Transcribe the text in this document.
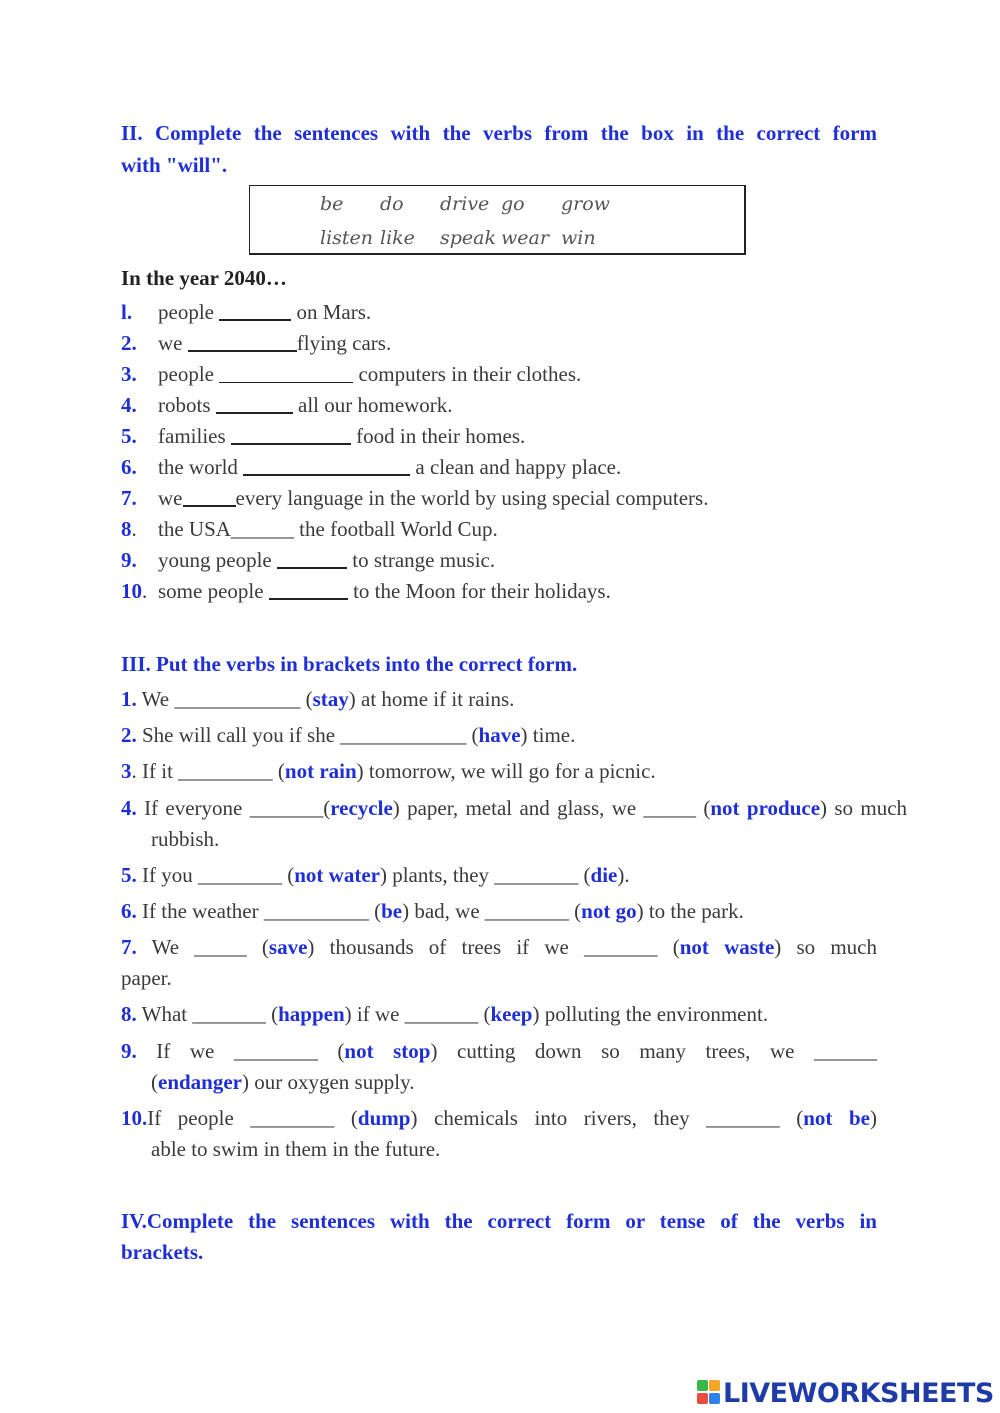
II. Complete the sentences with the verbs from the box in the correct form

with "will".

be do drive go grow
listen like speak wear win
In the year 2040…
l. people	on Mars.
2. we	flying cars.
3. people	computers in their clothes.
4. robots	all our homework.
5. families	food in their homes.
6. the world	a clean and happy place.
7. we	every language in the world by using special computers.
8. the USA______ the football World Cup.
9. young people	to strange music.
10. some people	to the Moon for their holidays.

III. Put the verbs in brackets into the correct form.

1. We ____________ (stay) at home if it rains.

2. She will call you if she ____________ (have) time.

3. If it _________ (not rain) tomorrow, we will go for a picnic.

4. If everyone _______(recycle) paper, metal and glass, we _____ (not produce) so much rubbish.

5. If you ________ (not water) plants, they ________ (die).

6. If the weather __________ (be) bad, we ________ (not go) to the park.

7. We _____ (save) thousands of trees if we _______ (not waste) so much

paper.

8. What _______ (happen) if we _______ (keep) polluting the environment.

9. If we ________ (not stop) cutting down so many trees, we ______

(endanger) our oxygen supply.

10.If people ________ (dump) chemicals into rivers, they _______ (not be)

able to swim in them in the future.

IV.Complete the sentences with the correct form or tense of the verbs in

brackets.

LIVEWORKSHEETS
